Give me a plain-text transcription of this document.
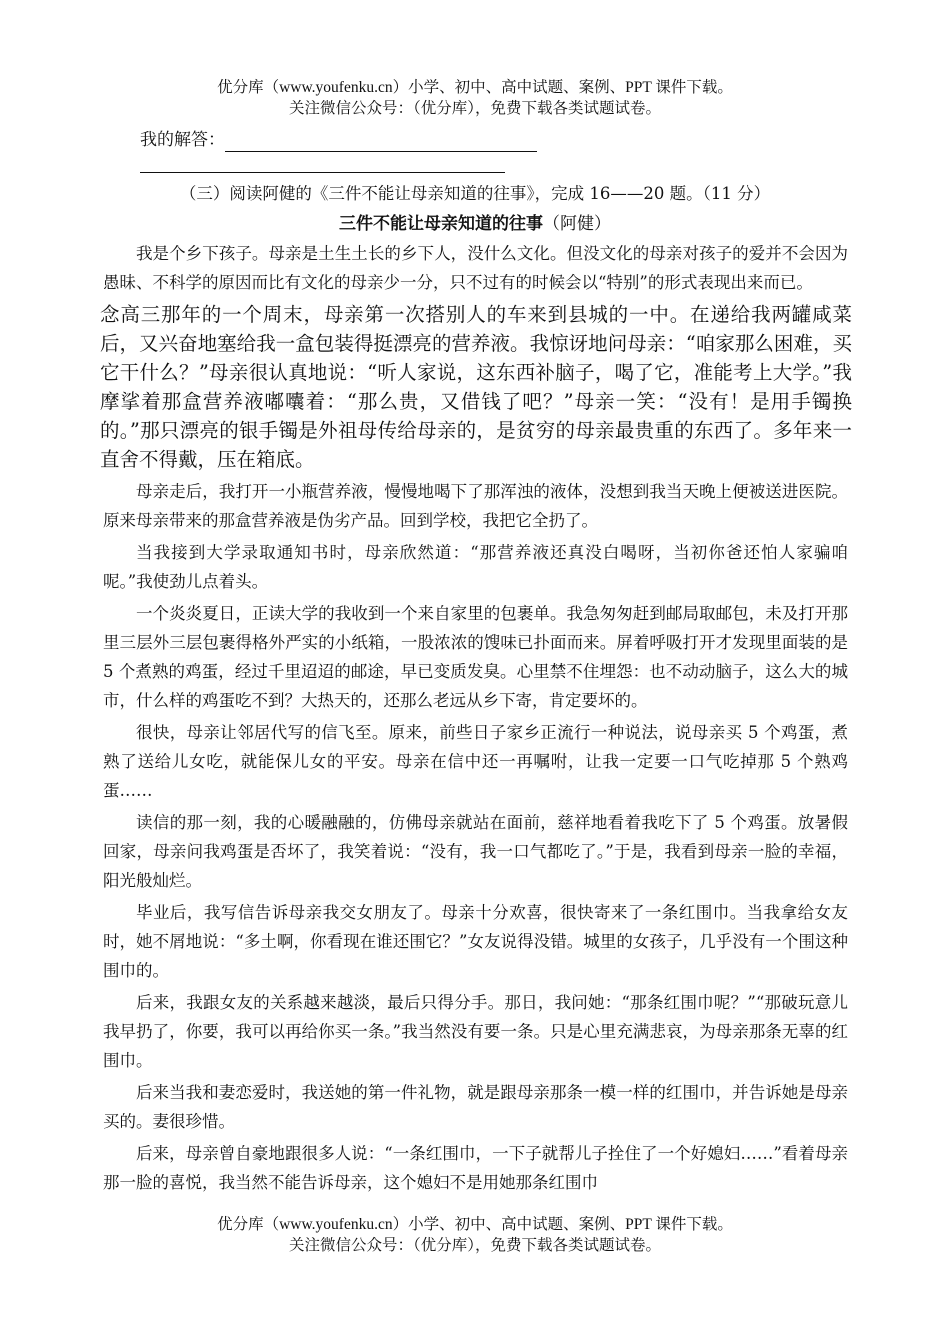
优分库（www.youfenku.cn）小学、初中、高中试题、案例、PPT 课件下载。
关注微信公众号：（优分库），免费下载各类试题试卷。
我的解答：
（三）阅读阿健的《三件不能让母亲知道的往事》，完成 16——20 题。（11 分）
三件不能让母亲知道的往事（阿健）

我是个乡下孩子。母亲是土生土长的乡下人，没什么文化。但没文化的母亲对孩子的爱并不会因为愚昧、不科学的原因而比有文化的母亲少一分，只不过有的时候会以“特别”的形式表现出来而已。

念高三那年的一个周末，母亲第一次搭别人的车来到县城的一中。在递给我两罐咸菜后，又兴奋地塞给我一盒包装得挺漂亮的营养液。我惊讶地问母亲：“咱家那么困难，买它干什么？”母亲很认真地说：“听人家说，这东西补脑子，喝了它，准能考上大学。”我摩挲着那盒营养液嘟囔着：“那么贵，又借钱了吧？”母亲一笑：“没有！是用手镯换的。”那只漂亮的银手镯是外祖母传给母亲的，是贫穷的母亲最贵重的东西了。多年来一直舍不得戴，压在箱底。

母亲走后，我打开一小瓶营养液，慢慢地喝下了那浑浊的液体，没想到我当天晚上便被送进医院。原来母亲带来的那盒营养液是伪劣产品。回到学校，我把它全扔了。

当我接到大学录取通知书时，母亲欣然道：“那营养液还真没白喝呀，当初你爸还怕人家骗咱呢。”我使劲儿点着头。

一个炎炎夏日，正读大学的我收到一个来自家里的包裹单。我急匆匆赶到邮局取邮包，未及打开那里三层外三层包裹得格外严实的小纸箱，一股浓浓的馊味已扑面而来。屏着呼吸打开才发现里面装的是 5 个煮熟的鸡蛋，经过千里迢迢的邮途，早已变质发臭。心里禁不住埋怨：也不动动脑子，这么大的城市，什么样的鸡蛋吃不到？大热天的，还那么老远从乡下寄，肯定要坏的。

很快，母亲让邻居代写的信飞至。原来，前些日子家乡正流行一种说法，说母亲买 5 个鸡蛋，煮熟了送给儿女吃，就能保儿女的平安。母亲在信中还一再嘱咐，让我一定要一口气吃掉那 5 个熟鸡蛋……

读信的那一刻，我的心暖融融的，仿佛母亲就站在面前，慈祥地看着我吃下了 5 个鸡蛋。放暑假回家，母亲问我鸡蛋是否坏了，我笑着说：“没有，我一口气都吃了。”于是，我看到母亲一脸的幸福，阳光般灿烂。

毕业后，我写信告诉母亲我交女朋友了。母亲十分欢喜，很快寄来了一条红围巾。当我拿给女友时，她不屑地说：“多土啊，你看现在谁还围它？”女友说得没错。城里的女孩子，几乎没有一个围这种围巾的。

后来，我跟女友的关系越来越淡，最后只得分手。那日，我问她：“那条红围巾呢？”“那破玩意儿我早扔了，你要，我可以再给你买一条。”我当然没有要一条。只是心里充满悲哀，为母亲那条无辜的红围巾。

后来当我和妻恋爱时，我送她的第一件礼物，就是跟母亲那条一模一样的红围巾，并告诉她是母亲买的。妻很珍惜。

后来，母亲曾自豪地跟很多人说：“一条红围巾，一下子就帮儿子拴住了一个好媳妇……”看着母亲那一脸的喜悦，我当然不能告诉母亲，这个媳妇不是用她那条红围巾

优分库（www.youfenku.cn）小学、初中、高中试题、案例、PPT 课件下载。
关注微信公众号：（优分库），免费下载各类试题试卷。
